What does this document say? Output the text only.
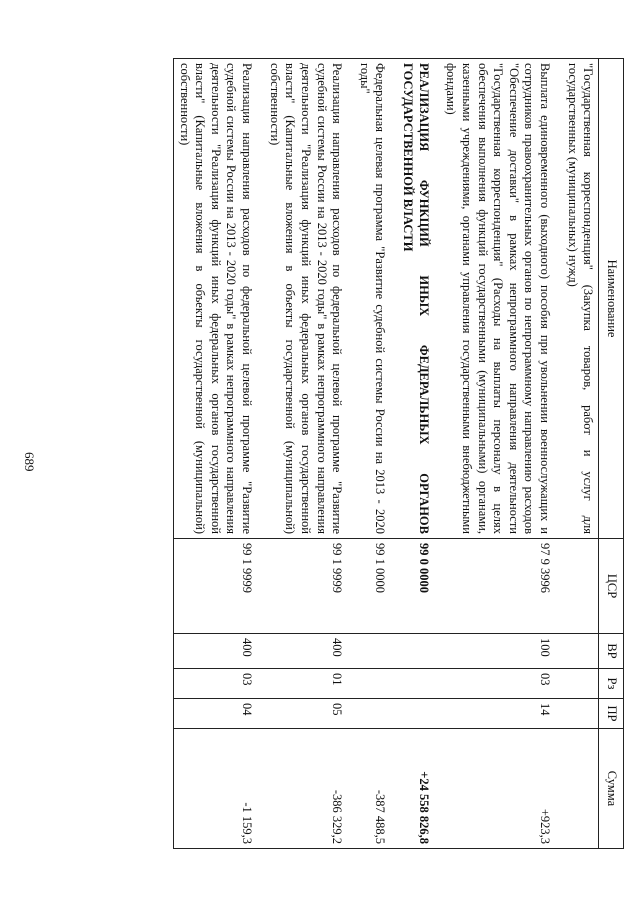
689
Наименование	ЦСР	ВР	Рз	ПР	Сумма
"Государственная корреспонденция" (Закупка товаров, работ и услуг для государственных (муниципальных) нужд)					
Выплата единовременного (выходного) пособия при увольнении военнослужащих и сотрудников правоохранительных органов по непрограммному направлению расходов "Обеспечение доставки" в рамках непрограммного направления деятельности "Государственная корреспонденция" (Расходы на выплаты персоналу в целях обеспечения выполнения функций государственными (муниципальными) органами, казенными учреждениями, органами управления государственными внебюджетными фондами)	97 9 3996	100	03	14	+923,3
РЕАЛИЗАЦИЯ ФУНКЦИЙ ИНЫХ ФЕДЕРАЛЬНЫХ ОРГАНОВ ГОСУДАРСТВЕННОЙ ВЛАСТИ	99 0 0000				+24 558 826,8
Федеральная целевая программа "Развитие судебной системы России на 2013 - 2020 годы"	99 1 0000				-387 488,5
Реализация направления расходов по федеральной целевой программе "Развитие судебной системы России на 2013 - 2020 годы" в рамках непрограммного направления деятельности "Реализация функций иных федеральных органов государственной власти" (Капитальные вложения в объекты государственной (муниципальной) собственности)	99 1 9999	400	01	05	-386 329,2
Реализация направления расходов по федеральной целевой программе "Развитие судебной системы России на 2013 - 2020 годы" в рамках непрограммного направления деятельности "Реализация функций иных федеральных органов государственной власти" (Капитальные вложения в объекты государственной (муниципальной) собственности)	99 1 9999	400	03	04	-1 159,3
